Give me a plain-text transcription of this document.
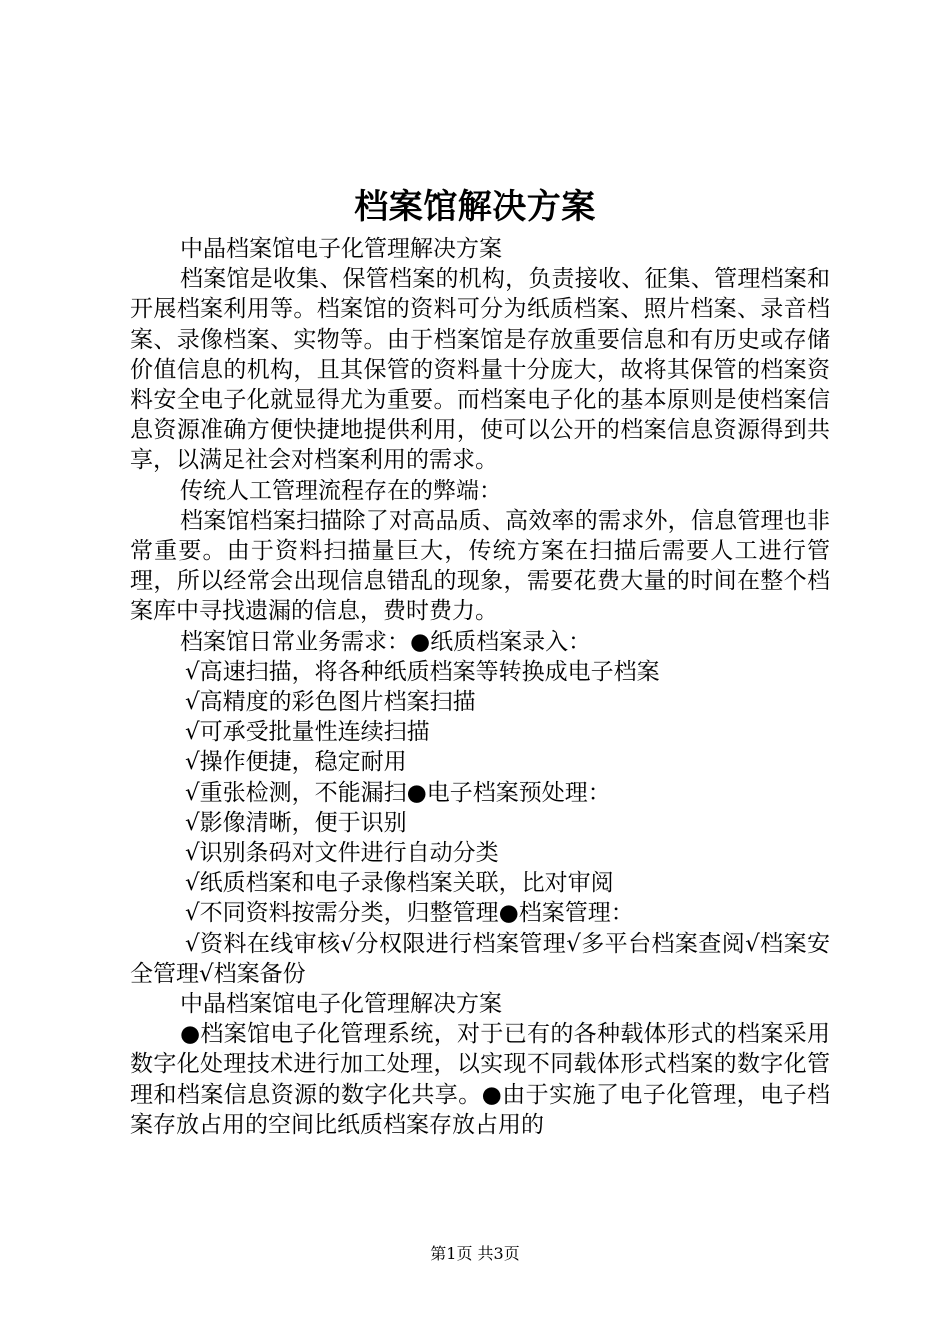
档案馆解决方案

中晶档案馆电子化管理解决方案

档案馆是收集、保管档案的机构，负责接收、征集、管理档案和开展档案利用等。档案馆的资料可分为纸质档案、照片档案、录音档案、录像档案、实物等。由于档案馆是存放重要信息和有历史或存储价值信息的机构，且其保管的资料量十分庞大，故将其保管的档案资料安全电子化就显得尤为重要。而档案电子化的基本原则是使档案信息资源准确方便快捷地提供利用，使可以公开的档案信息资源得到共享，以满足社会对档案利用的需求。

传统人工管理流程存在的弊端：

档案馆档案扫描除了对高品质、高效率的需求外，信息管理也非常重要。由于资料扫描量巨大，传统方案在扫描后需要人工进行管理，所以经常会出现信息错乱的现象，需要花费大量的时间在整个档案库中寻找遗漏的信息，费时费力。

档案馆日常业务需求：●纸质档案录入：

√高速扫描，将各种纸质档案等转换成电子档案

√高精度的彩色图片档案扫描

√可承受批量性连续扫描

√操作便捷，稳定耐用

√重张检测，不能漏扫●电子档案预处理：

√影像清晰，便于识别

√识别条码对文件进行自动分类

√纸质档案和电子录像档案关联，比对审阅

√不同资料按需分类，归整管理●档案管理：

√资料在线审核√分权限进行档案管理√多平台档案查阅√档案安全管理√档案备份

中晶档案馆电子化管理解决方案

●档案馆电子化管理系统，对于已有的各种载体形式的档案采用数字化处理技术进行加工处理，以实现不同载体形式档案的数字化管理和档案信息资源的数字化共享。●由于实施了电子化管理，电子档案存放占用的空间比纸质档案存放占用的

第1页 共3页
